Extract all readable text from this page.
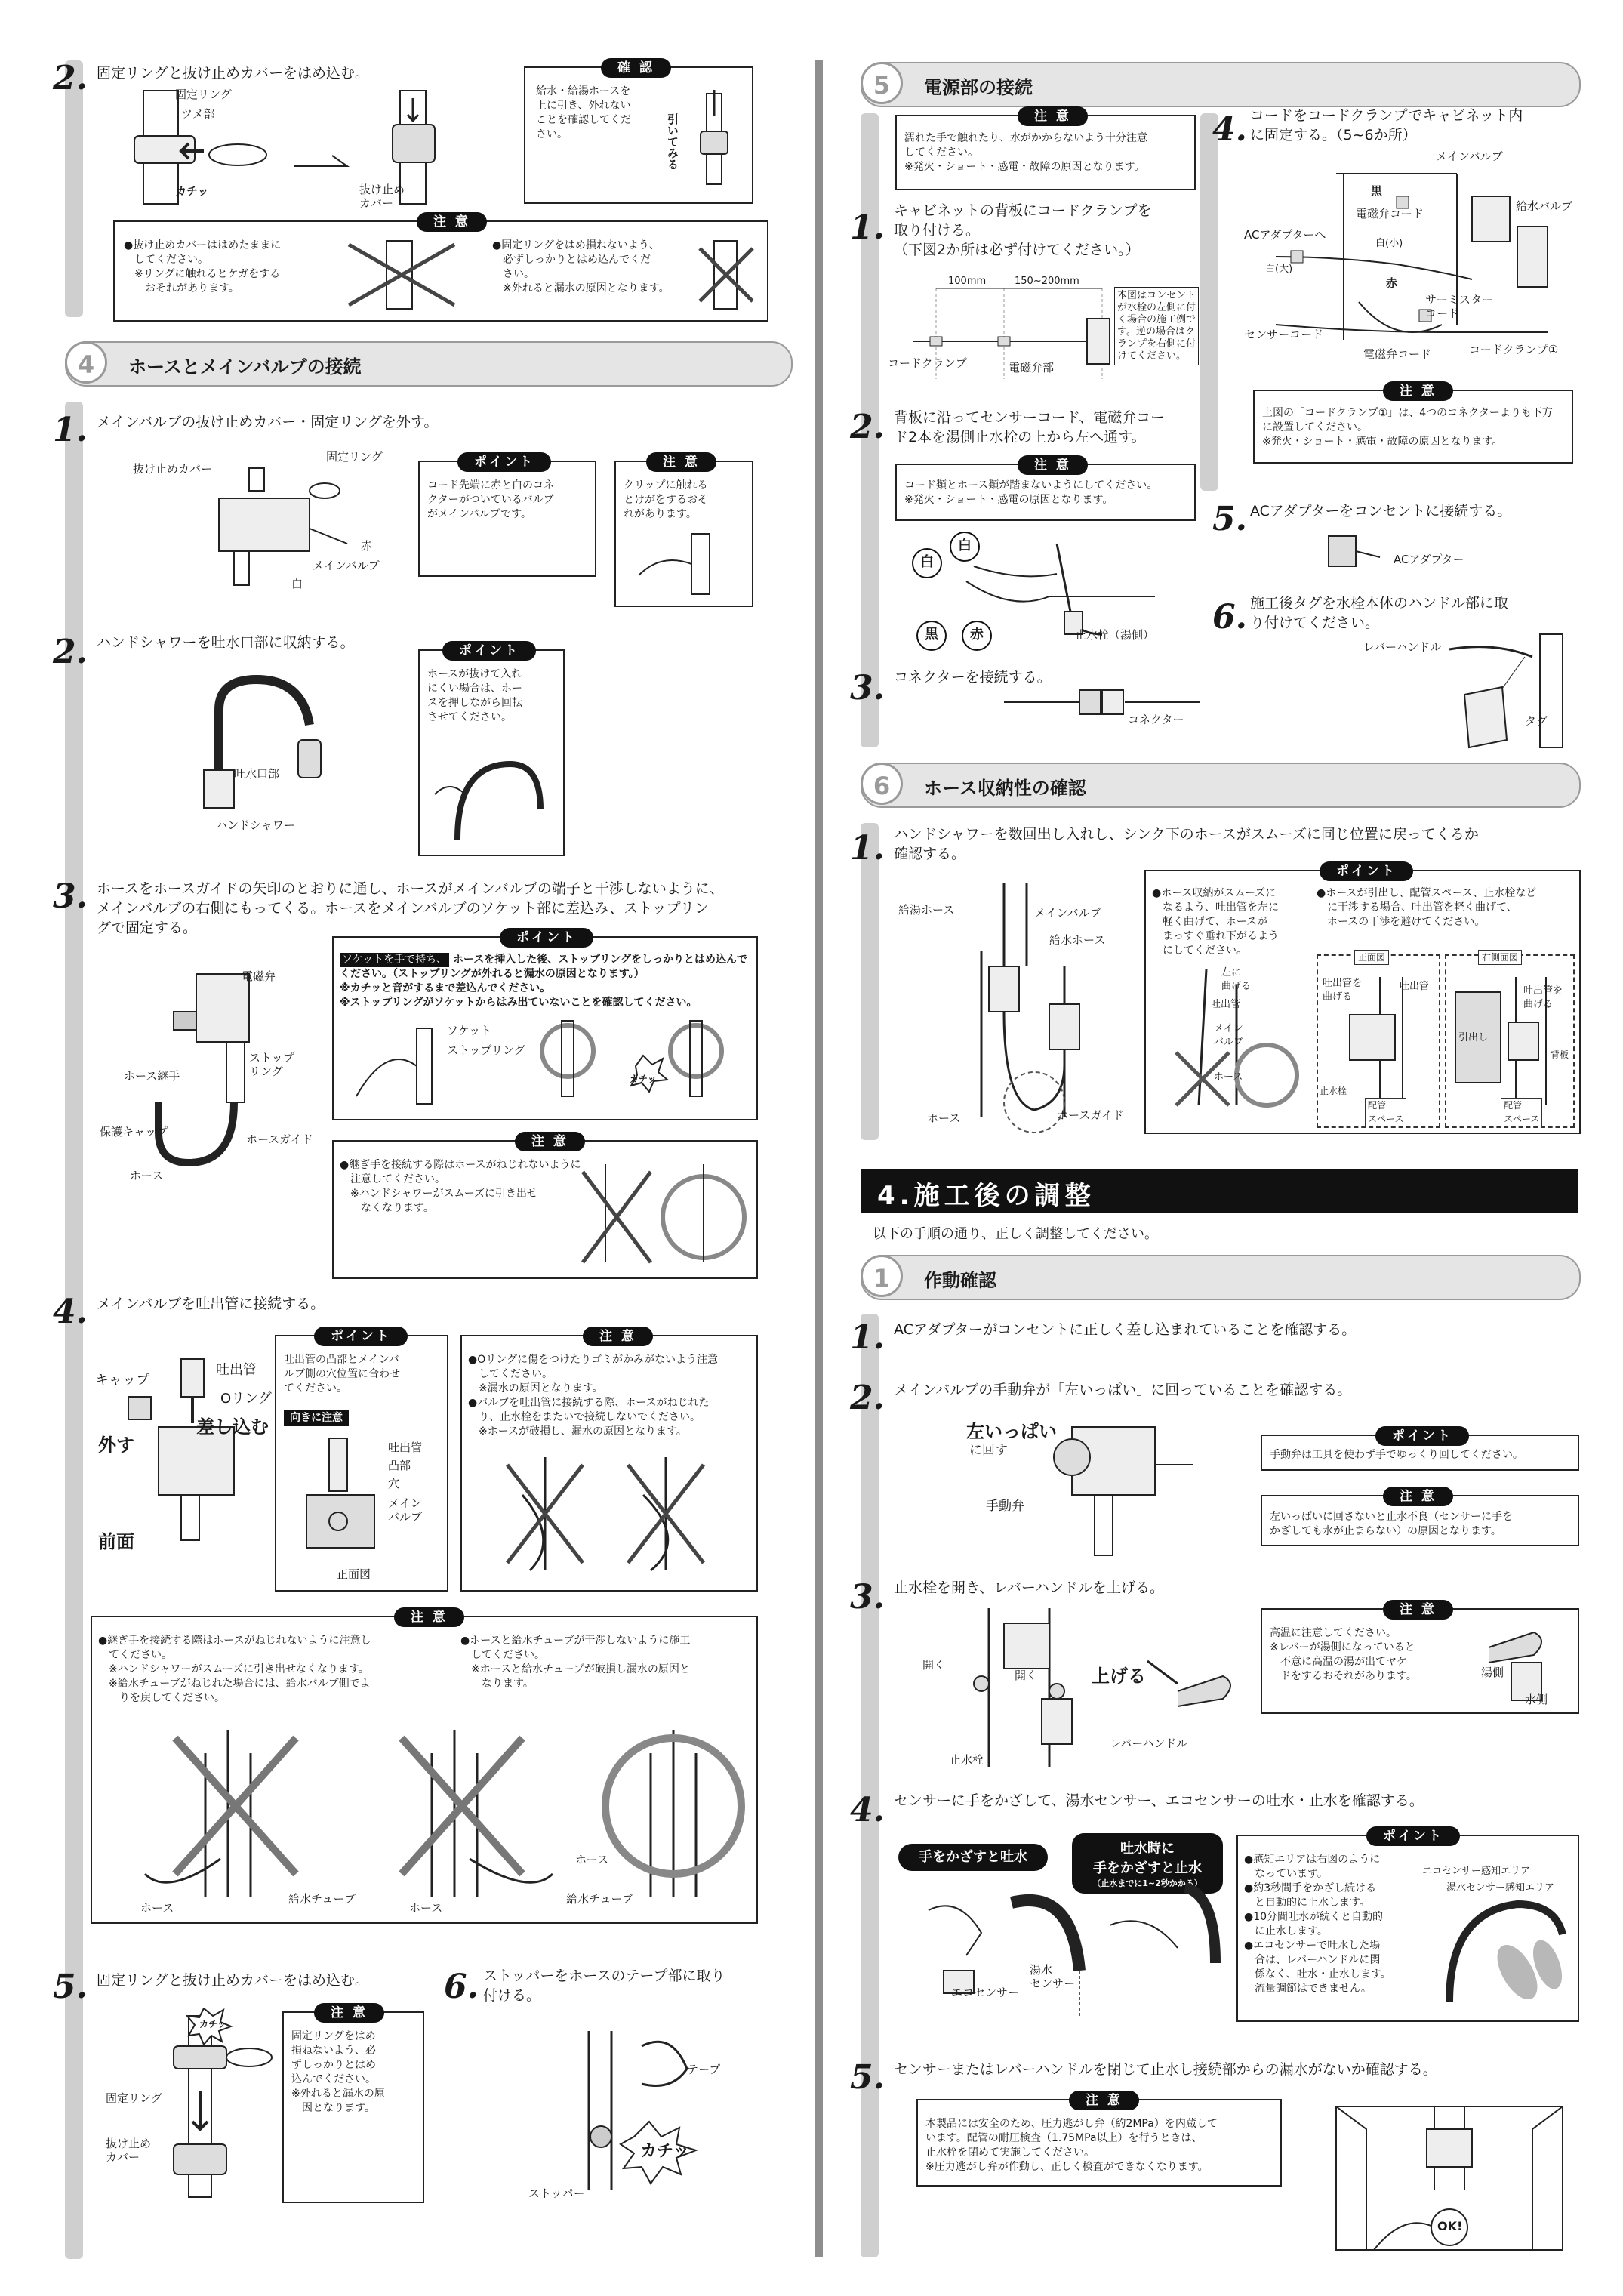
2. 固定リングと抜け止めカバーをはめ込む。
固定リング
ツメ部
カチッ	抜け止め
カバー
確 認
給水・給湯ホースを
上に引き、外れない
ことを確認してくだ
さい。	引いてみる
注 意
●抜け止めカバーははめたままに
　してください。
　※リングに触れるとケガをする
　　おそれがあります。
●固定リングをはめ損ねないよう、
　必ずしっかりとはめ込んでくだ
　さい。
　※外れると漏水の原因となります。
4	ホースとメインバルブの接続
1. メインバルブの抜け止めカバー・固定リングを外す。
抜け止めカバー
固定リング
赤
メインバルブ
白
ポイント
コード先端に赤と白のコネ
クターがついているバルブ
がメインバルブです。
注 意
クリップに触れる
とけがをするおそ
れがあります。
2. ハンドシャワーを吐水口部に収納する。
吐水口部
ハンドシャワー
ポイント
ホースが抜けて入れ
にくい場合は、ホー
スを押しながら回転
させてください。
3. ホースをホースガイドの矢印のとおりに通し、ホースがメインバルブの端子と干渉しないように、
メインバルブの右側にもってくる。ホースをメインバルブのソケット部に差込み、ストップリン
グで固定する。
電磁弁
ストップ
リング
ホース継手
保護キャップ
ホースガイド
ホース
ポイント
ソケットを手で持ち、 ホースを挿入した後、ストップリングをしっかりとはめ込んで
ください。（ストップリングが外れると漏水の原因となります。）
※カチッと音がするまで差込んでください。
※ストップリングがソケットからはみ出ていないことを確認してください。
ソケット
ストップリング
カチッ
注 意
●継ぎ手を接続する際はホースがねじれないように
　注意してください。
　※ハンドシャワーがスムーズに引き出せ
　　なくなります。
4. メインバルブを吐出管に接続する。
キャップ
吐出管
Oリング
差し込む
外す
前面
ポイント
吐出管の凸部とメインバ
ルブ側の穴位置に合わせ
てください。
向きに注意
吐出管
凸部
穴
メイン
バルブ
正面図
注 意
●Oリングに傷をつけたりゴミがかみがないよう注意
　してください。
　※漏水の原因となります。
●バルブを吐出管に接続する際、ホースがねじれた
　り、止水栓をまたいで接続しないでください。
　※ホースが破損し、漏水の原因となります。
注 意
●継ぎ手を接続する際はホースがねじれないように注意し
　てください。
　※ハンドシャワーがスムーズに引き出せなくなります。
　※給水チューブがねじれた場合には、給水バルブ側でよ
　　りを戻してください。
●ホースと給水チューブが干渉しないように施工
　してください。
　※ホースと給水チューブが破損し漏水の原因と
　　なります。
ホース
給水チューブ
ホース
給水チューブ
ホース
5. 固定リングと抜け止めカバーをはめ込む。
カチッ
固定リング
抜け止め
カバー
注 意
固定リングをはめ
損ねないよう、必
ずしっかりとはめ
込んでください。
※外れると漏水の原
　因となります。
6. ストッパーをホースのテープ部に取り
付ける。
テープ
ストッパー
カチッ
5	電源部の接続
注 意
濡れた手で触れたり、水がかからないよう十分注意
してください。
※発火・ショート・感電・故障の原因となります。
1. キャビネットの背板にコードクランプを
取り付ける。
（下図2か所は必ず付けてください。）
100mm	150~200mm
コードクランプ	電磁弁部
本図はコンセント
が水栓の左側に付
く場合の施工例で
す。逆の場合はク
ランプを右側に付
けてください。
2. 背板に沿ってセンサーコード、電磁弁コー
ド2本を湯側止水栓の上から左へ通す。
注 意
コード類とホース類が踏まないようにしてください。
※発火・ショート・感電の原因となります。
白
白
黒	赤	止水栓（湯側）
3. コネクターを接続する。
コネクター
4. コードをコードクランプでキャビネット内
に固定する。（5~6か所）
メインバルブ
黒
給水バルブ
電磁弁コード
白(小)
ACアダプターへ
白(大)
赤
サーミスター
コード
センサーコード
コードクランプ①
電磁弁コード
注 意
上図の「コードクランプ①」は、4つのコネクターよりも下方
に設置してください。
※発火・ショート・感電・故障の原因となります。
5. ACアダプターをコンセントに接続する。
ACアダプター
6. 施工後タグを水栓本体のハンドル部に取
り付けてください。
レバーハンドル
タグ
6	ホース収納性の確認
1. ハンドシャワーを数回出し入れし、シンク下のホースがスムーズに同じ位置に戻ってくるか
確認する。
給湯ホース	メインバルブ
給水ホース
ホース	ホースガイド
ポイント
●ホース収納がスムーズに
　なるよう、吐出管を左に
　軽く曲げて、ホースが
　まっすぐ垂れ下がるよう
　にしてください。
●ホースが引出し、配管スペース、止水栓など
　に干渉する場合、吐出管を軽く曲げて、
　ホースの干渉を避けてください。
左に
曲げる
吐出管
メイン
バルブ
ホース
正面図	右側面図
吐出管を
曲げる
吐出管
引出し
止水栓
配管
スペース
配管
スペース
背板
吐出管を
曲げる
4.施工後の調整
以下の手順の通り、正しく調整してください。
1	作動確認
1. ACアダプターがコンセントに正しく差し込まれていることを確認する。
2. メインバルブの手動弁が「左いっぱい」に回っていることを確認する。
左いっぱい
に回す
手動弁
ポイント
手動弁は工具を使わず手でゆっくり回してください。
注 意
左いっぱいに回さないと止水不良（センサーに手を
かざしても水が止まらない）の原因となります。
3. 止水栓を開き、レバーハンドルを上げる。
開く
開く	上げる
止水栓
レバーハンドル
注 意
高温に注意してください。
※レバーが湯側になっていると
　不意に高温の湯が出てヤケ
　ドをするおそれがあります。	湯側
水側
4. センサーに手をかざして、湯水センサー、エコセンサーの吐水・止水を確認する。
手をかざすと吐水
吐水時に
手をかざすと止水
（止水までに1~2秒かかる）
エコセンサー
湯水
センサー
ポイント
●感知エリアは右図のように
　なっています。
●約3秒間手をかざし続ける
　と自動的に止水します。
●10分間吐水が続くと自動的
　に止水します。
●エコセンサーで吐水した場
　合は、レバーハンドルに関
　係なく、吐水・止水します。
　流量調節はできません。
エコセンサー感知エリア
湯水センサー感知エリア
5. センサーまたはレバーハンドルを閉じて止水し接続部からの漏水がないか確認する。
注 意
本製品には安全のため、圧力逃がし弁（約2MPa）を内蔵して
います。配管の耐圧検査（1.75MPa以上）を行うときは、
止水栓を閉めて実施してください。
※圧力逃がし弁が作動し、正しく検査ができなくなります。
OK!
